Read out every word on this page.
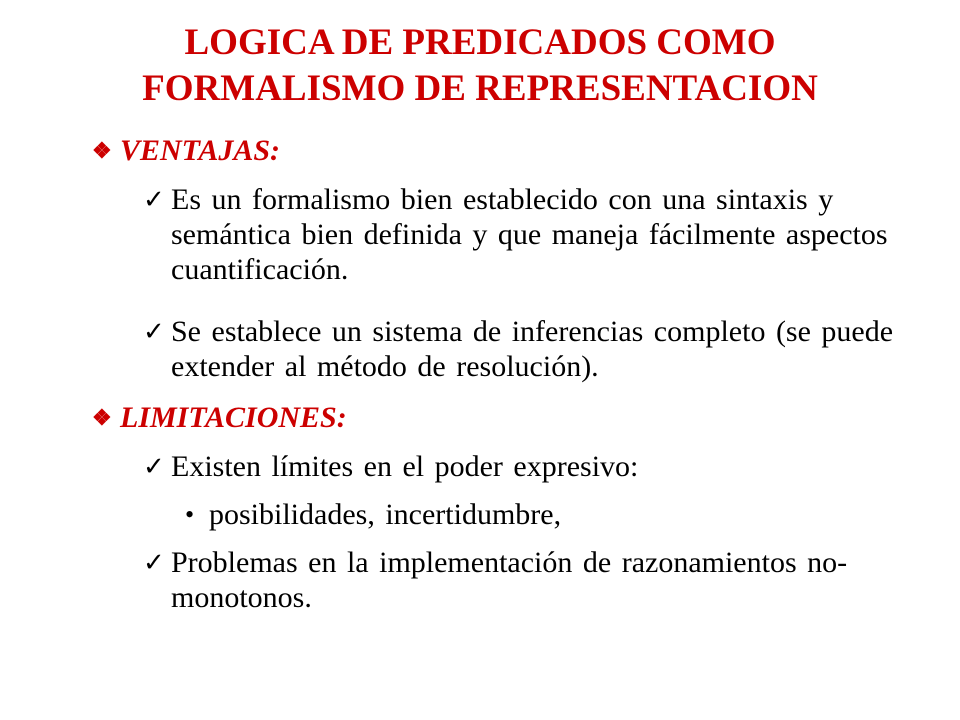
LOGICA DE PREDICADOS COMO
FORMALISMO DE REPRESENTACION
❖ VENTAJAS:
✓ Es un formalismo bien establecido con una sintaxis y semántica bien definida y que maneja fácilmente aspectos cuantificación.
✓ Se establece un sistema de inferencias completo (se puede extender al método de resolución).
❖ LIMITACIONES:
✓ Existen límites en el poder expresivo:
• posibilidades, incertidumbre,
✓ Problemas en la implementación de razonamientos no-monotonos.
